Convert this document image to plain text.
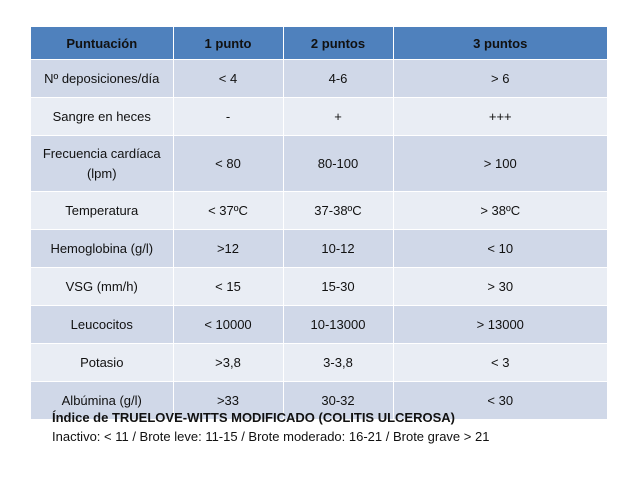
Puntuación	1 punto	2 puntos	3 puntos
Nº deposiciones/día	< 4	4-6	> 6
Sangre en heces	-	+	+++
Frecuencia cardíaca (lpm)	< 80	80-100	> 100
Temperatura	< 37ºC	37-38ºC	> 38ºC
Hemoglobina (g/l)	>12	10-12	< 10
VSG (mm/h)	< 15	15-30	> 30
Leucocitos	< 10000	10-13000	> 13000
Potasio	>3,8	3-3,8	< 3
Albúmina (g/l)	>33	30-32	< 30
Índice de TRUELOVE-WITTS MODIFICADO (COLITIS ULCEROSA)
Inactivo: < 11 / Brote leve: 11-15 / Brote moderado: 16-21 / Brote grave > 21
